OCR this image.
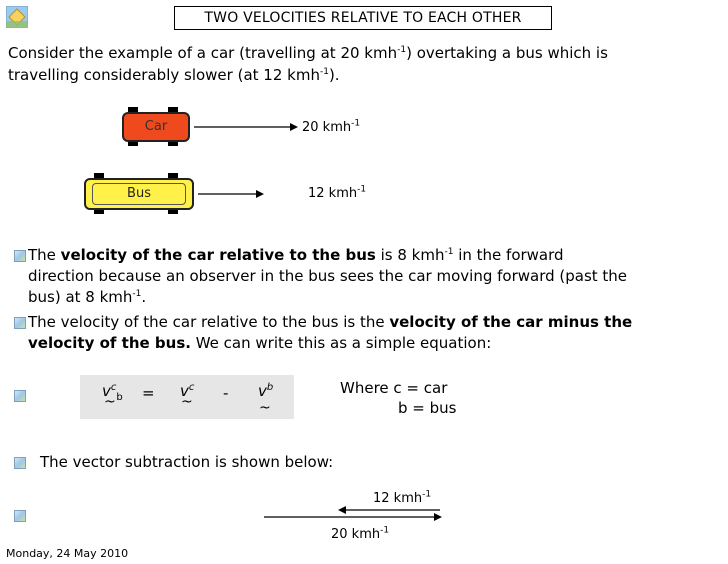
TWO VELOCITIES RELATIVE TO EACH OTHER
Consider the example of a car (travelling at 20 kmh$^{-1}$) overtaking a bus which is
travelling considerably slower (at 12 kmh$^{-1}$).
Car	20 kmh$^{-1}$
Bus	12 kmh$^{-1}$
The velocity of the car relative to the bus is 8 kmh$^{-1}$ in the forward
direction because an observer in the bus sees the car moving forward (past the
bus) at 8 kmh$^{-1}$.
The velocity of the car relative to the bus is the velocity of the car minus the
velocity of the bus. We can write this as a simple equation:
$v^c_b$
~ = $v^c$
~ - $v^b$
~
Where c = car
b = bus
The vector subtraction is shown below:
12 kmh$^{-1}$
20 kmh$^{-1}$
Monday, 24 May 2010
